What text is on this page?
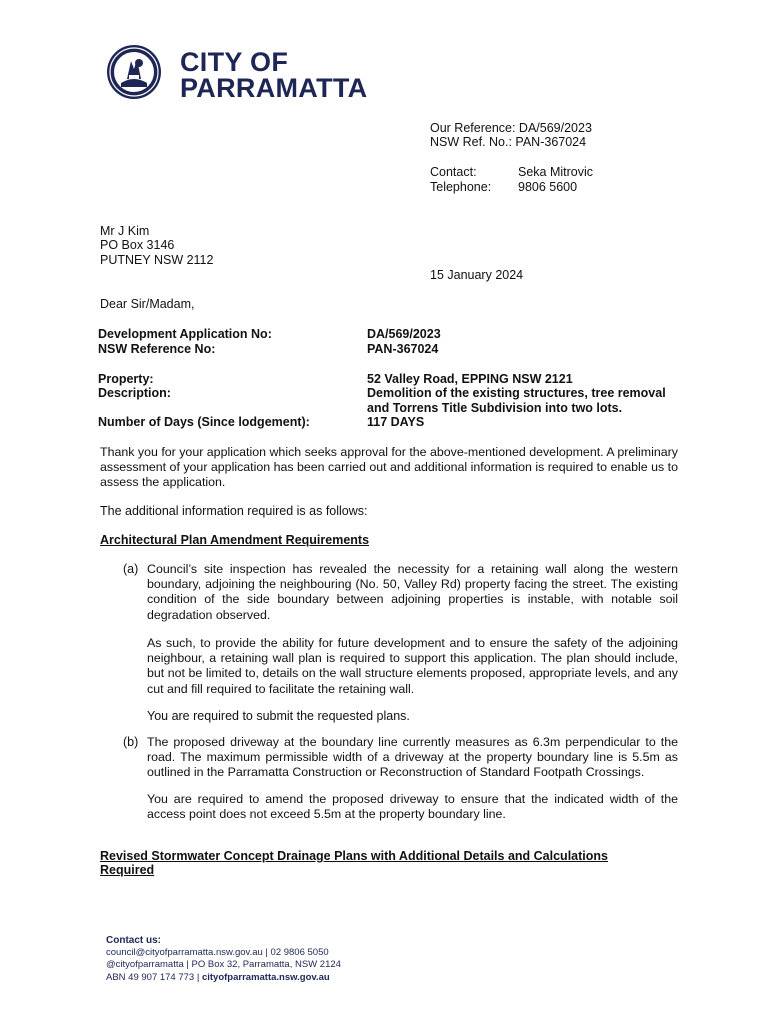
CITY OF
PARRAMATTA
Our Reference: DA/569/2023
NSW Ref. No.: PAN-367024
Contact:	Seka Mitrovic
Telephone: 9806 5600
Mr J Kim
PO Box 3146
PUTNEY NSW 2112
15 January 2024
Dear Sir/Madam,
Development Application No:	DA/569/2023
NSW Reference No:	PAN-367024
Property:	52 Valley Road, EPPING NSW 2121
Description:	Demolition of the existing structures, tree removal
and Torrens Title Subdivision into two lots.
Number of Days (Since lodgement):	117 DAYS
Thank you for your application which seeks approval for the above-mentioned development. A preliminary assessment of your application has been carried out and additional information is required to enable us to assess the application.
The additional information required is as follows:
Architectural Plan Amendment Requirements
(a) Council’s site inspection has revealed the necessity for a retaining wall along the western boundary, adjoining the neighbouring (No. 50, Valley Rd) property facing the street. The existing condition of the side boundary between adjoining properties is instable, with notable soil degradation observed.
As such, to provide the ability for future development and to ensure the safety of the adjoining neighbour, a retaining wall plan is required to support this application. The plan should include, but not be limited to, details on the wall structure elements proposed, appropriate levels, and any cut and fill required to facilitate the retaining wall.
You are required to submit the requested plans.
(b) The proposed driveway at the boundary line currently measures as 6.3m perpendicular to the road. The maximum permissible width of a driveway at the property boundary line is 5.5m as outlined in the Parramatta Construction or Reconstruction of Standard Footpath Crossings.
You are required to amend the proposed driveway to ensure that the indicated width of the access point does not exceed 5.5m at the property boundary line.
Revised Stormwater Concept Drainage Plans with Additional Details and Calculations
Required
Contact us:
council@cityofparramatta.nsw.gov.au | 02 9806 5050
@cityofparramatta | PO Box 32, Parramatta, NSW 2124
ABN 49 907 174 773 | cityofparramatta.nsw.gov.au
